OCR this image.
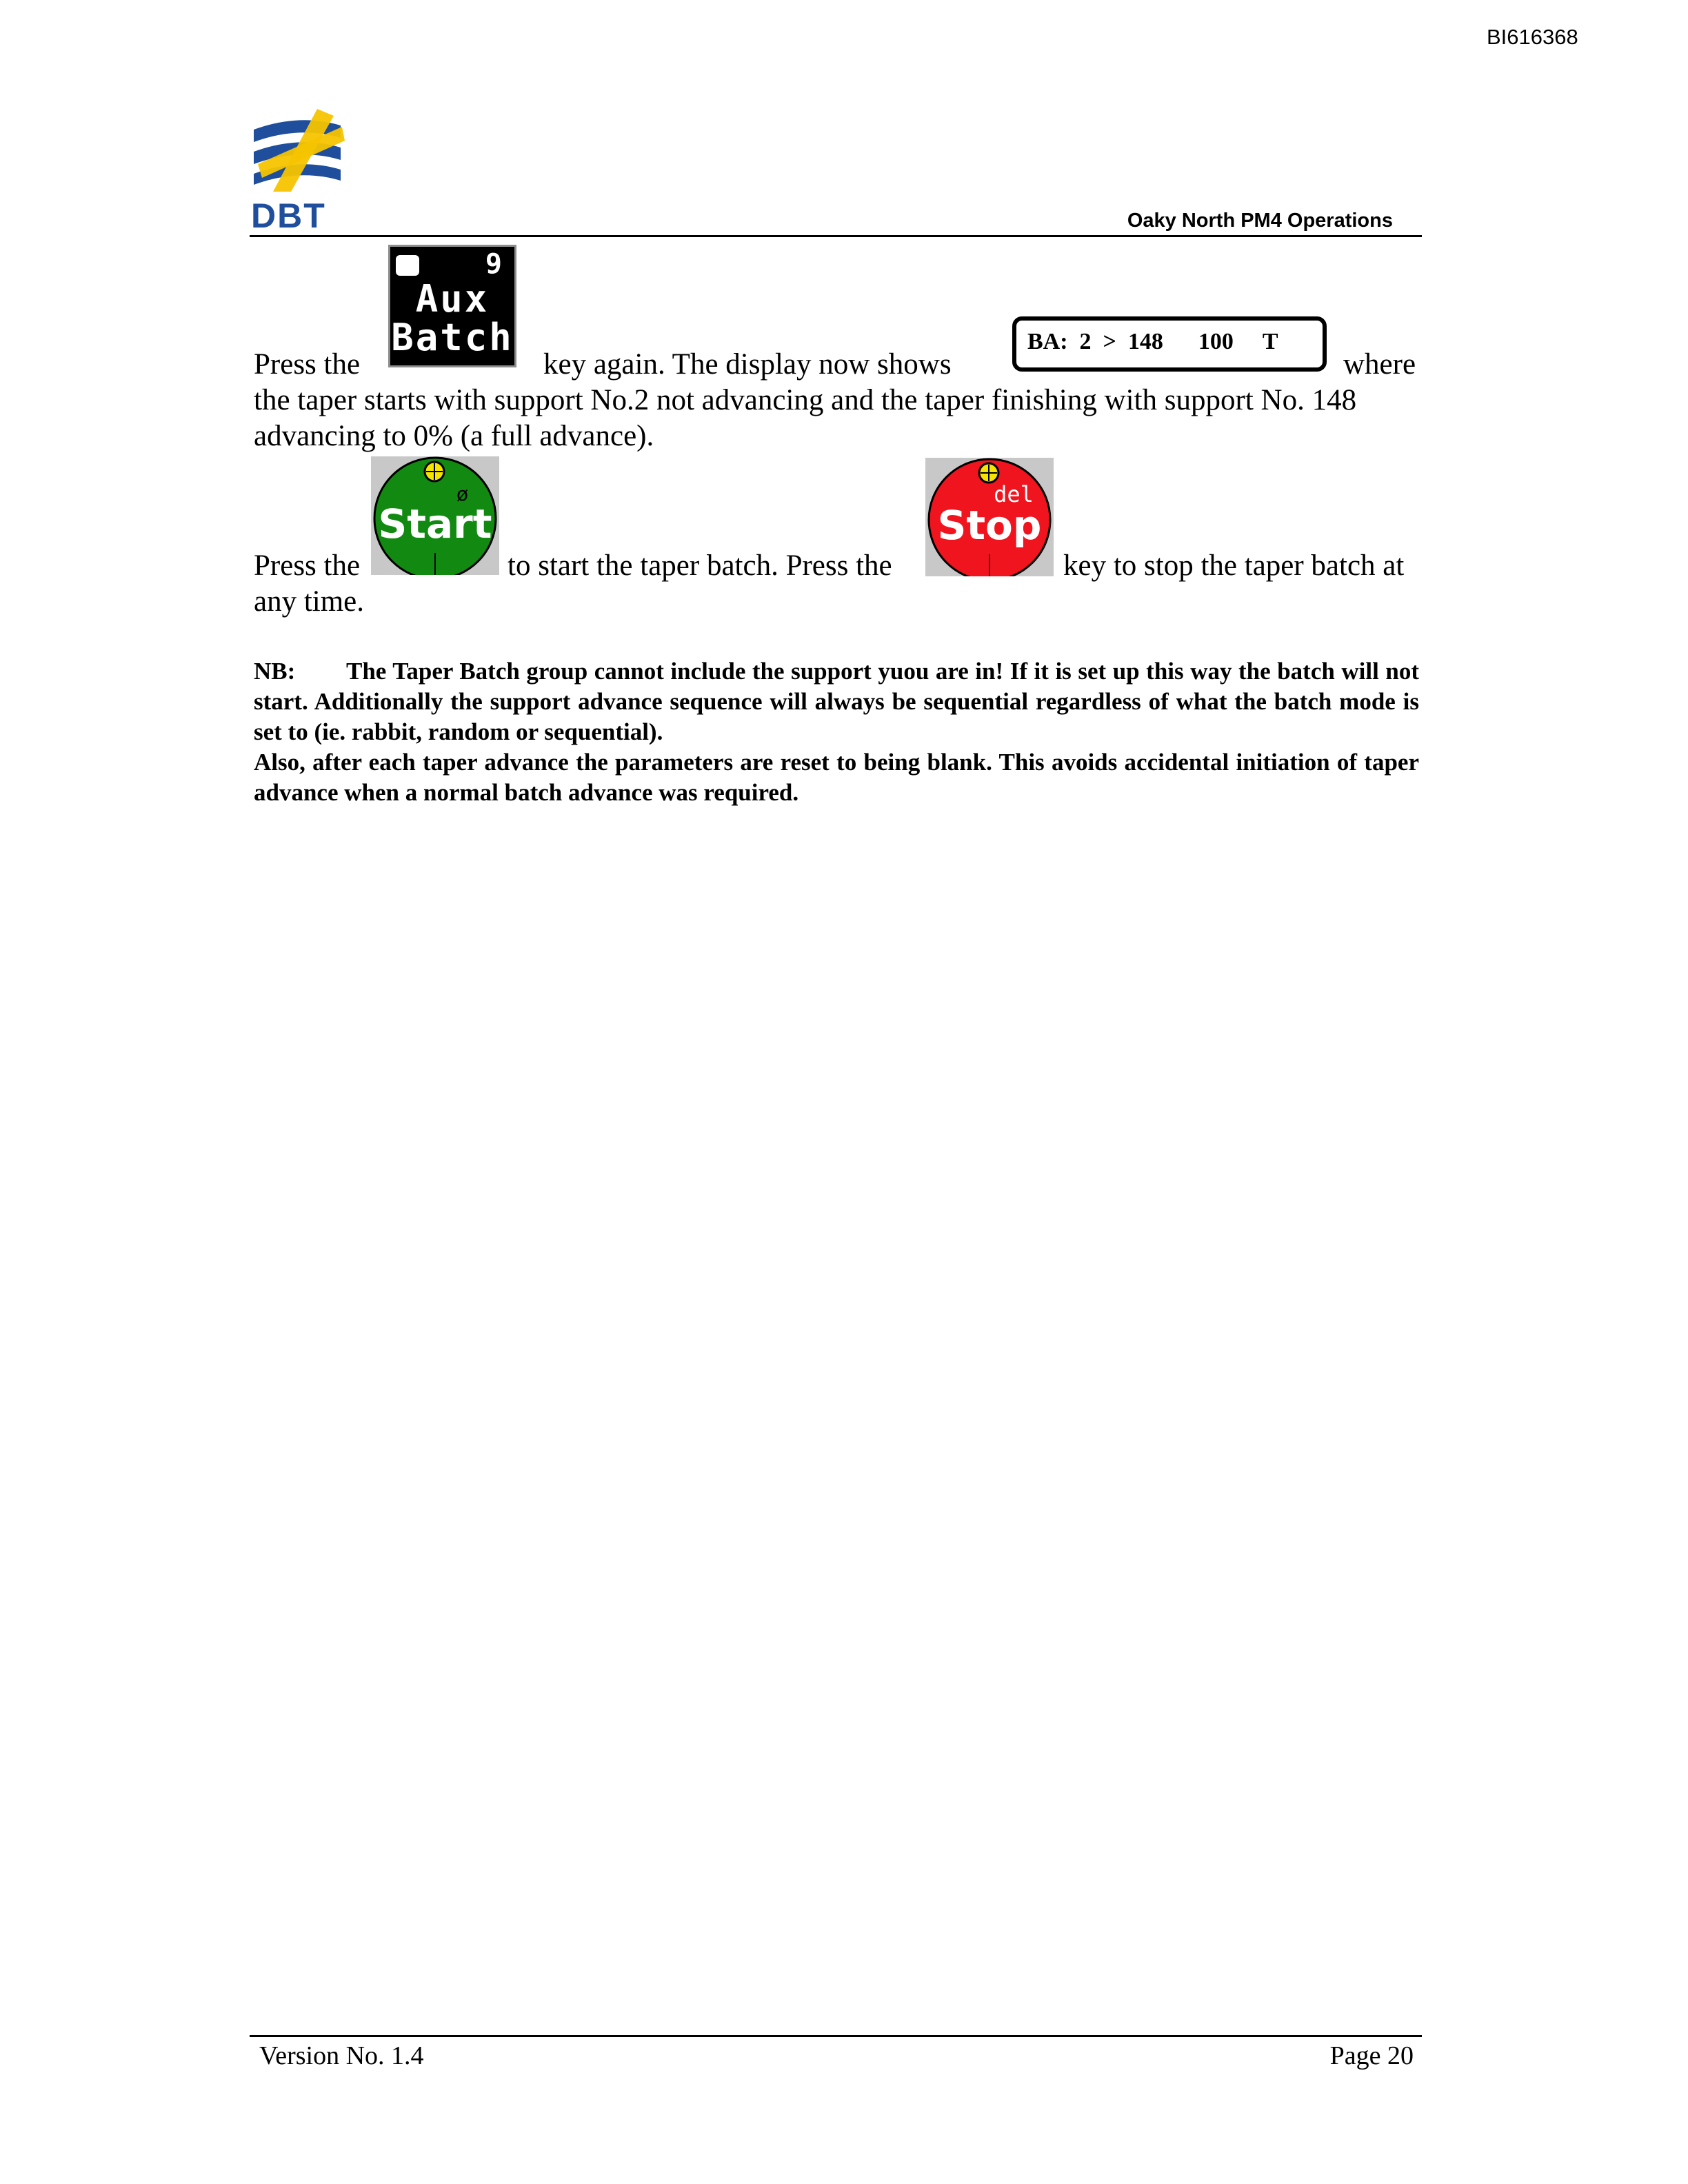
BI616368
DBT	Oaky North PM4 Operations
9
Aux
Batch	BA:  2  >  148      100     T
Press the	key again. The display now shows	where
the taper starts with support No.2 not advancing and the taper finishing with support No. 148
advancing to 0% (a full advance).
ø
Start
del
Stop
Press the	to start the taper batch. Press the	key to stop the taper batch at
any time.
NB: The Taper Batch group cannot include the support yuou are in! If it is set up this way the batch will not start. Additionally the support advance sequence will always be sequential regardless of what the batch mode is set to (ie. rabbit, random or sequential).
Also, after each taper advance the parameters are reset to being blank. This avoids accidental initiation of taper advance when a normal batch advance was required.
Version No. 1.4	Page 20
